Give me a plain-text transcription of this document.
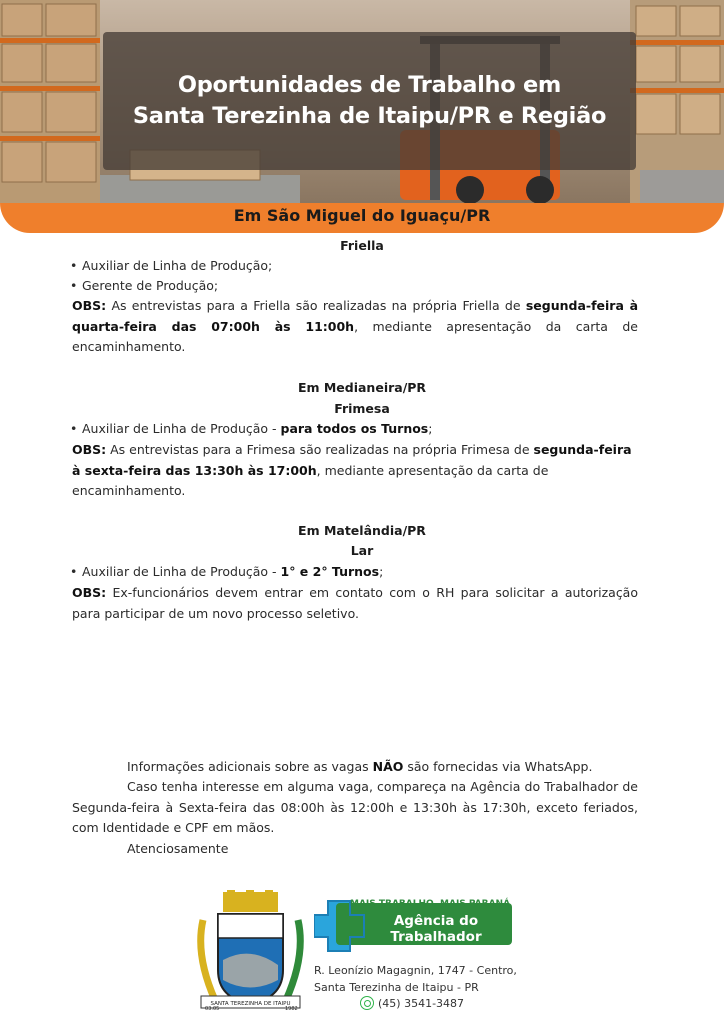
Oportunidades de Trabalho em
Santa Terezinha de Itaipu/PR e Região
Em São Miguel do Iguaçu/PR
Friella
• Auxiliar de Linha de Produção;
• Gerente de Produção;
OBS: As entrevistas para a Friella são realizadas na própria Friella de segunda-feira à quarta-feira das 07:00h às 11:00h, mediante apresentação da carta de encaminhamento.
Em Medianeira/PR
Frimesa
• Auxiliar de Linha de Produção - para todos os Turnos;
OBS: As entrevistas para a Frimesa são realizadas na própria Frimesa de segunda-feira à sexta-feira das 13:30h às 17:00h, mediante apresentação da carta de encaminhamento.
Em Matelândia/PR
Lar
• Auxiliar de Linha de Produção - 1° e 2° Turnos;
OBS: Ex-funcionários devem entrar em contato com o RH para solicitar a autorização para participar de um novo processo seletivo.
Informações adicionais sobre as vagas NÃO são fornecidas via WhatsApp.
Caso tenha interesse em alguma vaga, compareça na Agência do Trabalhador de Segunda-feira à Sexta-feira das 08:00h às 12:00h e 13:30h às 17:30h, exceto feriados, com Identidade e CPF em mãos.
Atenciosamente
SANTA TEREZINHA DE ITAIPU
03.05	1982
MAIS TRABALHO, MAIS PARANÁ
Agência do
Trabalhador
R. Leonízio Magagnin, 1747 - Centro,
Santa Terezinha de Itaipu - PR
(45) 3541-3487
